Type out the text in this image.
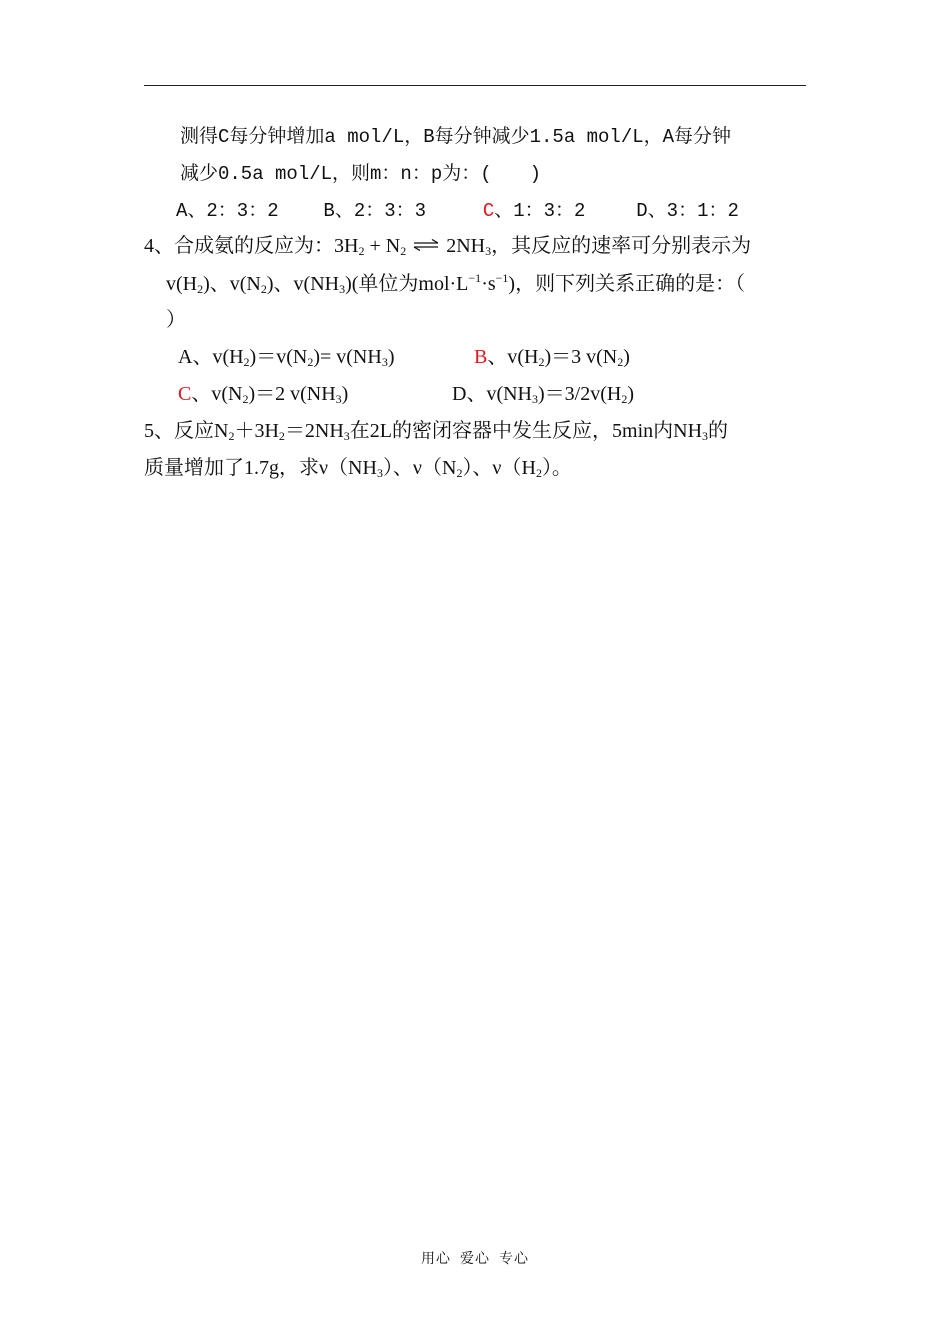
测得C每分钟增加a mol/L，B每分钟减少1.5a mol/L，A每分钟
减少0.5a mol/L，则m：n：p为：(　　)
A、2：3：2 B、2：3：3	C、1：3：2	D、3：1：2
4、合成氨的反应为：$3H_2 + N_2$ ⇌ $2NH_3$，其反应的速率可分别表示为
$v(H_2)$、$v(N_2)$、$v(NH_3)$(单位为$mol\cdot L^{-1}\cdot s^{-1}$)，则下列关系正确的是：（
）
A、$v(H_2)=v(N_2)= v(NH_3)$	B、$v(H_2)=3$ $v(N_2)$
C、$v(N_2)=2$ $v(NH_3)$	D、$v(NH_3)=3/2v(H_2)$
5、反应$N_2+3H_2=2NH_3$在2L的密闭容器中发生反应，5min内$NH_3$的
质量增加了1.7g，求$\nu(NH_3)$、$\nu(N_2)$、$\nu(H_2)$。
用心  爱心  专心
